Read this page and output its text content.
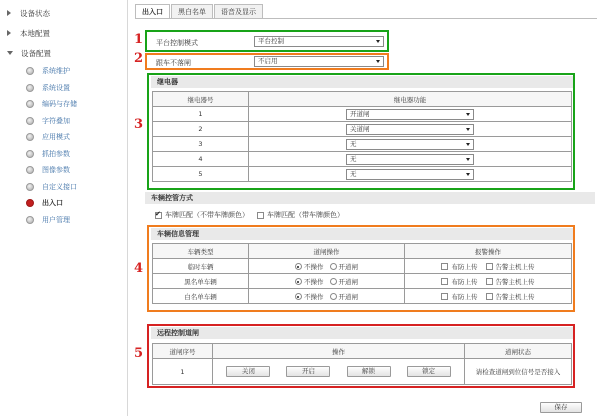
设备状态
本地配置
设备配置
系统维护
系统设置
编码与存储
字符叠加
应用模式
抓拍参数
图像参数
自定义接口
出入口
用户管理
出入口	黑白名单	语音及显示
平台控制模式	平台控制
跟车不落闸	不启用
继电器
继电器号	继电器功能
1	开道闸

2	关道闸

3	无

4	无

5	无
车辆控管方式
✔
车牌匹配（不带车牌颜色）	车牌匹配（带车牌颜色）
车辆信息管理
车辆类型	道闸操作	报警操作
临时车辆	不操作 开道闸	布防上传 告警主机上传
黑名单车辆	不操作 开道闸	布防上传 告警主机上传
白名单车辆	不操作 开道闸	布防上传 告警主机上传
远程控制道闸
道闸序号	操作	道闸状态
1	关闭 开启 解锁 锁定	请检查道闸到位信号是否接入
保存
1
2
3
4
5
